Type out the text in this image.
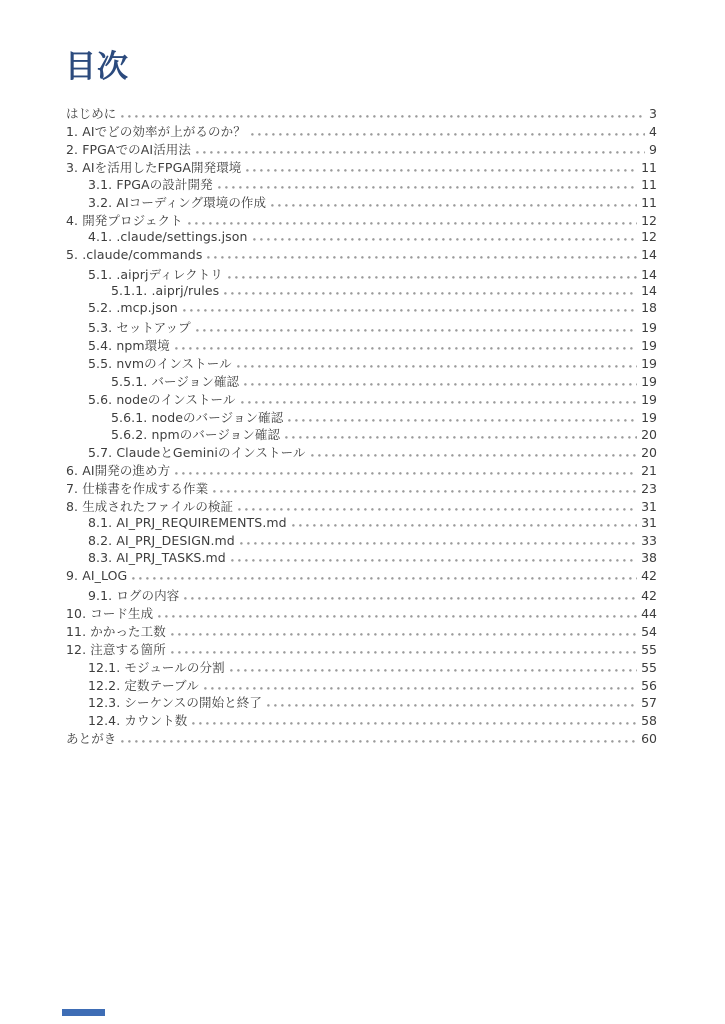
目次
はじめに	3
1. AIでどの効率が上がるのか？	4
2. FPGAでのAI活用法	9
3. AIを活用したFPGA開発環境	11
3.1. FPGAの設計開発	11
3.2. AIコーディング環境の作成	11
4. 開発プロジェクト	12
4.1. .claude/settings.json	12
5. .claude/commands	14
5.1. .aiprjディレクトリ	14
5.1.1. .aiprj/rules	14
5.2. .mcp.json	18
5.3. セットアップ	19
5.4. npm環境	19
5.5. nvmのインストール	19
5.5.1. バージョン確認	19
5.6. nodeのインストール	19
5.6.1. nodeのバージョン確認	19
5.6.2. npmのバージョン確認	20
5.7. ClaudeとGeminiのインストール	20
6. AI開発の進め方	21
7. 仕様書を作成する作業	23
8. 生成されたファイルの検証	31
8.1. AI_PRJ_REQUIREMENTS.md	31
8.2. AI_PRJ_DESIGN.md	33
8.3. AI_PRJ_TASKS.md	38
9. AI_LOG	42
9.1. ログの内容	42
10. コード生成	44
11. かかった工数	54
12. 注意する箇所	55
12.1. モジュールの分割	55
12.2. 定数テーブル	56
12.3. シーケンスの開始と終了	57
12.4. カウント数	58
あとがき	60
